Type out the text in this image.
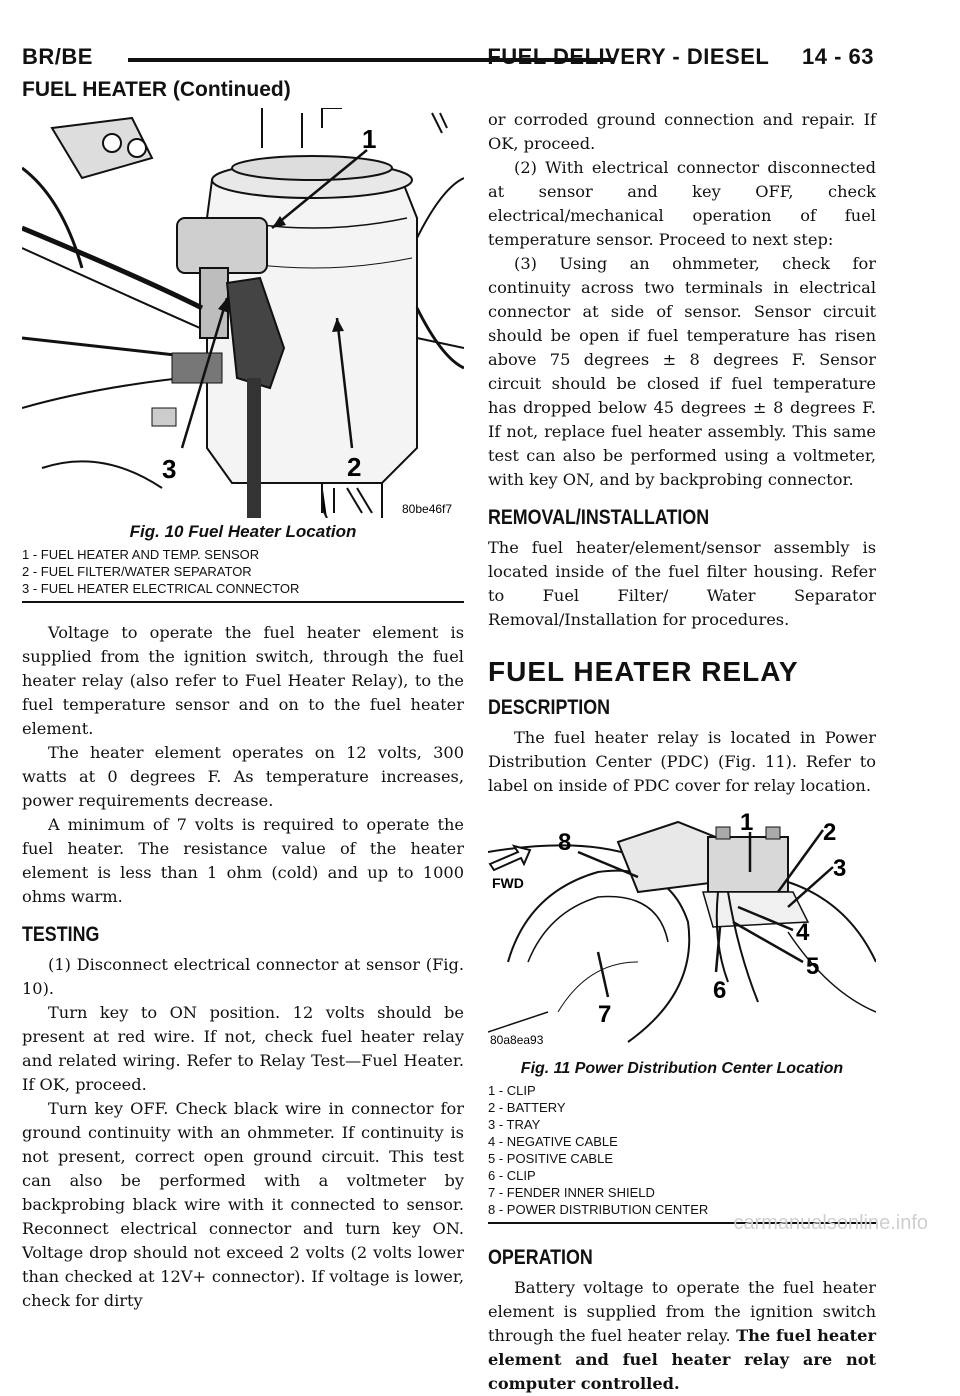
BR/BE	FUEL DELIVERY - DIESEL     14 - 63
FUEL HEATER (Continued)
1
2
3
80be46f7
Fig. 10 Fuel Heater Location
1 - FUEL HEATER AND TEMP. SENSOR
2 - FUEL FILTER/WATER SEPARATOR
3 - FUEL HEATER ELECTRICAL CONNECTOR

Voltage to operate the fuel heater element is supplied from the ignition switch, through the fuel heater relay (also refer to Fuel Heater Relay), to the fuel temperature sensor and on to the fuel heater element.

The heater element operates on 12 volts, 300 watts at 0 degrees F. As temperature increases, power requirements decrease.

A minimum of 7 volts is required to operate the fuel heater. The resistance value of the heater element is less than 1 ohm (cold) and up to 1000 ohms warm.

TESTING

(1) Disconnect electrical connector at sensor (Fig. 10).

Turn key to ON position. 12 volts should be present at red wire. If not, check fuel heater relay and related wiring. Refer to Relay Test—Fuel Heater. If OK, proceed.

Turn key OFF. Check black wire in connector for ground continuity with an ohmmeter. If continuity is not present, correct open ground circuit. This test can also be performed with a voltmeter by backprobing black wire with it connected to sensor. Reconnect electrical connector and turn key ON. Voltage drop should not exceed 2 volts (2 volts lower than checked at 12V+ connector). If voltage is lower, check for dirty

or corroded ground connection and repair. If OK, proceed.

(2) With electrical connector disconnected at sensor and key OFF, check electrical/mechanical operation of fuel temperature sensor. Proceed to next step:

(3) Using an ohmmeter, check for continuity across two terminals in electrical connector at side of sensor. Sensor circuit should be open if fuel temperature has risen above 75 degrees ± 8 degrees F. Sensor circuit should be closed if fuel temperature has dropped below 45 degrees ± 8 degrees F. If not, replace fuel heater assembly. This same test can also be performed using a voltmeter, with key ON, and by backprobing connector.

REMOVAL/INSTALLATION

The fuel heater/element/sensor assembly is located inside of the fuel filter housing. Refer to Fuel Filter/ Water Separator Removal/Installation for procedures.

FUEL HEATER RELAY
DESCRIPTION

The fuel heater relay is located in Power Distribution Center (PDC) (Fig. 11). Refer to label on inside of PDC cover for relay location.

FWD
1	2
3
4
5
6
7
8
80a8ea93
Fig. 11 Power Distribution Center Location
1 - CLIP
2 - BATTERY
3 - TRAY
4 - NEGATIVE CABLE
5 - POSITIVE CABLE
6 - CLIP
7 - FENDER INNER SHIELD
8 - POWER DISTRIBUTION CENTER
OPERATION

Battery voltage to operate the fuel heater element is supplied from the ignition switch through the fuel heater relay. The fuel heater element and fuel heater relay are not computer controlled.

carmanualsonline.info
